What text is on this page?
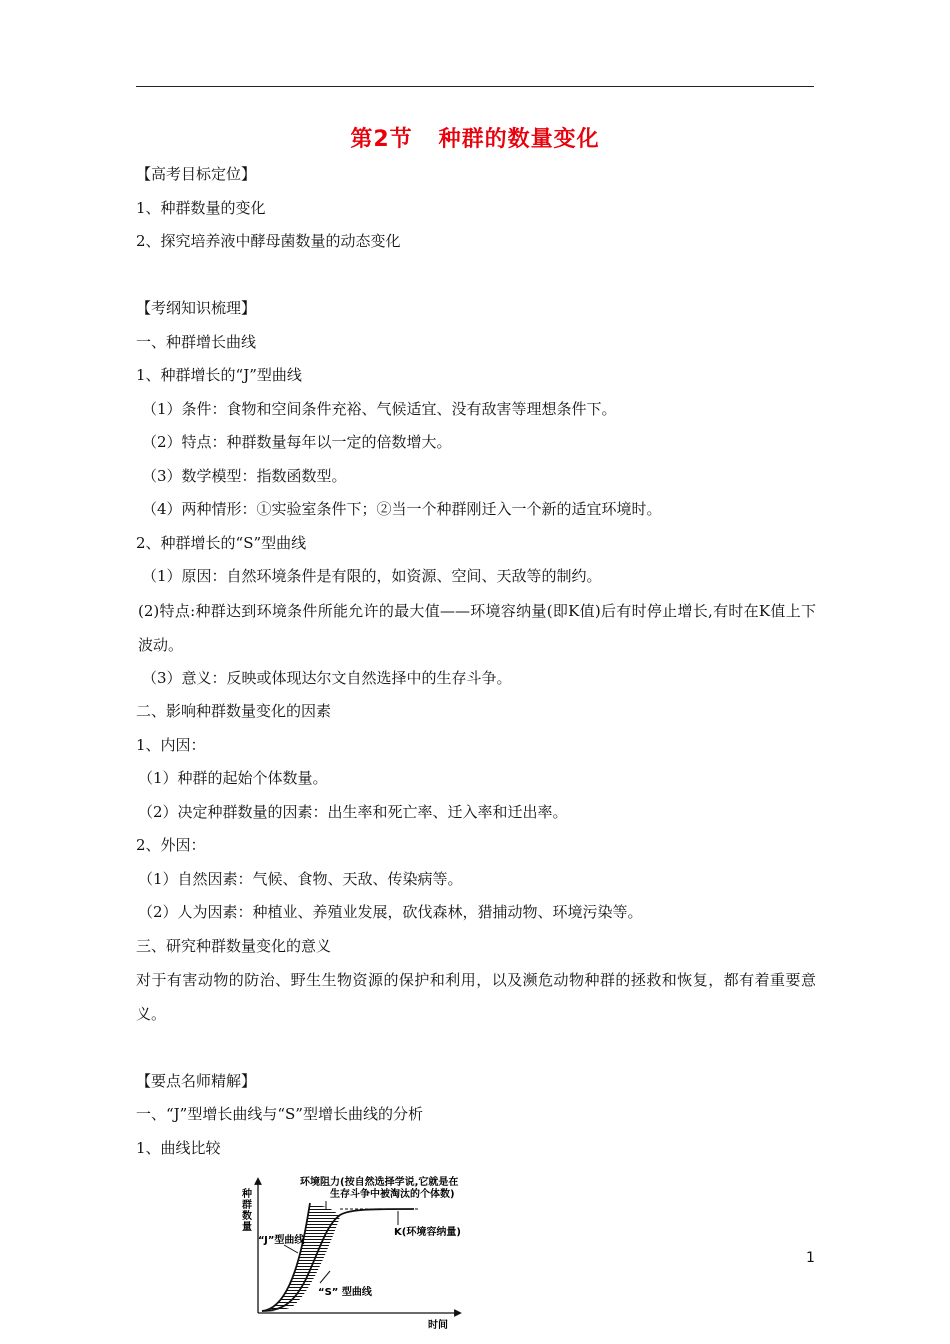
第2节 种群的数量变化
【高考目标定位】
1、种群数量的变化
2、探究培养液中酵母菌数量的动态变化
【考纲知识梳理】
一、种群增长曲线
1、种群增长的“J”型曲线
（1）条件：食物和空间条件充裕、气候适宜、没有敌害等理想条件下。
（2）特点：种群数量每年以一定的倍数增大。
（3）数学模型：指数函数型。
（4）两种情形：①实验室条件下；②当一个种群刚迁入一个新的适宜环境时。
2、种群增长的“S”型曲线
（1）原因：自然环境条件是有限的，如资源、空间、天敌等的制约。
(2)特点:种群达到环境条件所能允许的最大值——环境容纳量(即K值)后有时停止增长,有时在K值上下波动。
（3）意义：反映或体现达尔文自然选择中的生存斗争。
二、影响种群数量变化的因素
1、内因：
（1）种群的起始个体数量。
（2）决定种群数量的因素：出生率和死亡率、迁入率和迁出率。
2、外因：
（1）自然因素：气候、食物、天敌、传染病等。
（2）人为因素：种植业、养殖业发展，砍伐森林，猎捕动物、环境污染等。
三、研究种群数量变化的意义
对于有害动物的防治、野生生物资源的保护和利用，以及濒危动物种群的拯救和恢复，都有着重要意义。
【要点名师精解】
一、“J”型增长曲线与“S”型增长曲线的分析
1、曲线比较
种 群 数 量
环境阻力(按自然选择学说,它就是在
生存斗争中被淘汰的个体数)
K(环境容纳量)
“J”型曲线
“S” 型曲线
时间
1
